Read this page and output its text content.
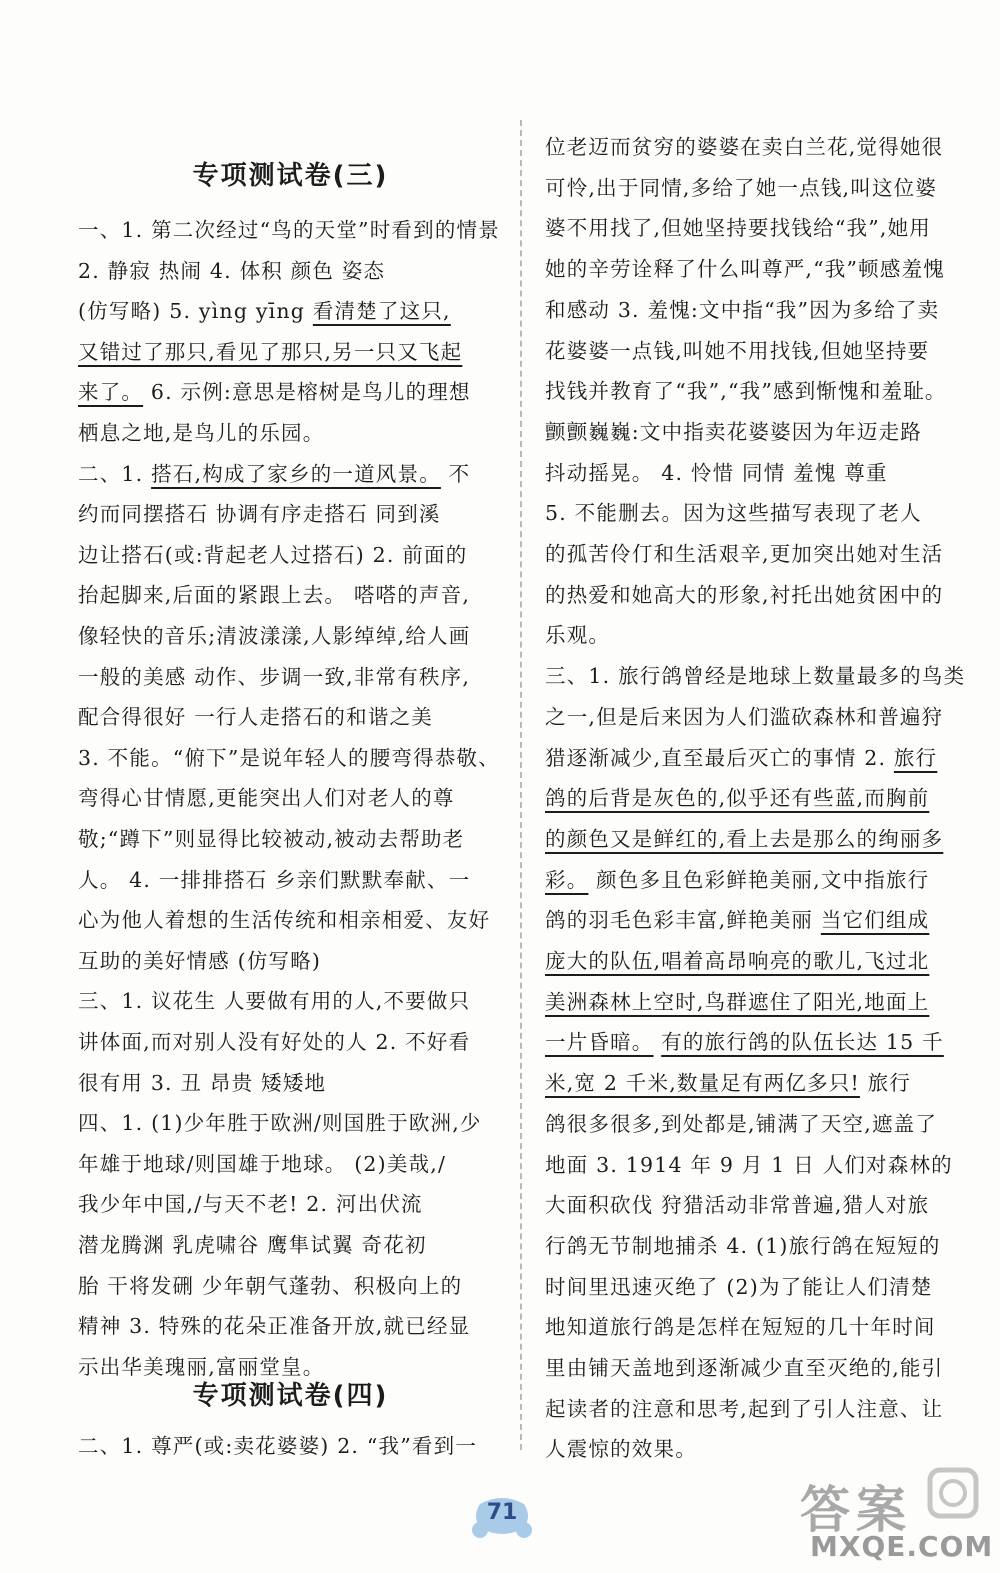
专项测试卷(三)
一、1. 第二次经过“鸟的天堂”时看到的情景
2. 静寂 热闹 4. 体积 颜色 姿态
(仿写略) 5. yìng yīng 看清楚了这只,
又错过了那只,看见了那只,另一只又飞起
来了。 6. 示例:意思是榕树是鸟儿的理想
栖息之地,是鸟儿的乐园。
二、1. 搭石,构成了家乡的一道风景。 不
约而同摆搭石 协调有序走搭石 同到溪
边让搭石(或:背起老人过搭石) 2. 前面的
抬起脚来,后面的紧跟上去。 嗒嗒的声音,
像轻快的音乐;清波漾漾,人影绰绰,给人画
一般的美感 动作、步调一致,非常有秩序,
配合得很好 一行人走搭石的和谐之美
3. 不能。“俯下”是说年轻人的腰弯得恭敬、
弯得心甘情愿,更能突出人们对老人的尊
敬;“蹲下”则显得比较被动,被动去帮助老
人。 4. 一排排搭石 乡亲们默默奉献、一
心为他人着想的生活传统和相亲相爱、友好
互助的美好情感 (仿写略)
三、1. 议花生 人要做有用的人,不要做只
讲体面,而对别人没有好处的人 2. 不好看
很有用 3. 丑 昂贵 矮矮地
四、1. (1)少年胜于欧洲/则国胜于欧洲,少
年雄于地球/则国雄于地球。 (2)美哉,/
我少年中国,/与天不老! 2. 河出伏流
潜龙腾渊 乳虎啸谷 鹰隼试翼 奇花初
胎 干将发硎 少年朝气蓬勃、积极向上的
精神 3. 特殊的花朵正准备开放,就已经显
示出华美瑰丽,富丽堂皇。
专项测试卷(四)
二、1. 尊严(或:卖花婆婆) 2. “我”看到一
位老迈而贫穷的婆婆在卖白兰花,觉得她很
可怜,出于同情,多给了她一点钱,叫这位婆
婆不用找了,但她坚持要找钱给“我”,她用
她的辛劳诠释了什么叫尊严,“我”顿感羞愧
和感动 3. 羞愧:文中指“我”因为多给了卖
花婆婆一点钱,叫她不用找钱,但她坚持要
找钱并教育了“我”,“我”感到惭愧和羞耻。
颤颤巍巍:文中指卖花婆婆因为年迈走路
抖动摇晃。 4. 怜惜 同情 羞愧 尊重
5. 不能删去。因为这些描写表现了老人
的孤苦伶仃和生活艰辛,更加突出她对生活
的热爱和她高大的形象,衬托出她贫困中的
乐观。
三、1. 旅行鸽曾经是地球上数量最多的鸟类
之一,但是后来因为人们滥砍森林和普遍狩
猎逐渐减少,直至最后灭亡的事情 2. 旅行
鸽的后背是灰色的,似乎还有些蓝,而胸前
的颜色又是鲜红的,看上去是那么的绚丽多
彩。 颜色多且色彩鲜艳美丽,文中指旅行
鸽的羽毛色彩丰富,鲜艳美丽 当它们组成
庞大的队伍,唱着高昂响亮的歌儿,飞过北
美洲森林上空时,鸟群遮住了阳光,地面上
一片昏暗。 有的旅行鸽的队伍长达 15 千
米,宽 2 千米,数量足有两亿多只! 旅行
鸽很多很多,到处都是,铺满了天空,遮盖了
地面 3. 1914 年 9 月 1 日 人们对森林的
大面积砍伐 狩猎活动非常普遍,猎人对旅
行鸽无节制地捕杀 4. (1)旅行鸽在短短的
时间里迅速灭绝了 (2)为了能让人们清楚
地知道旅行鸽是怎样在短短的几十年时间
里由铺天盖地到逐渐减少直至灭绝的,能引
起读者的注意和思考,起到了引人注意、让
人震惊的效果。
71	答案
MXQE.COM
